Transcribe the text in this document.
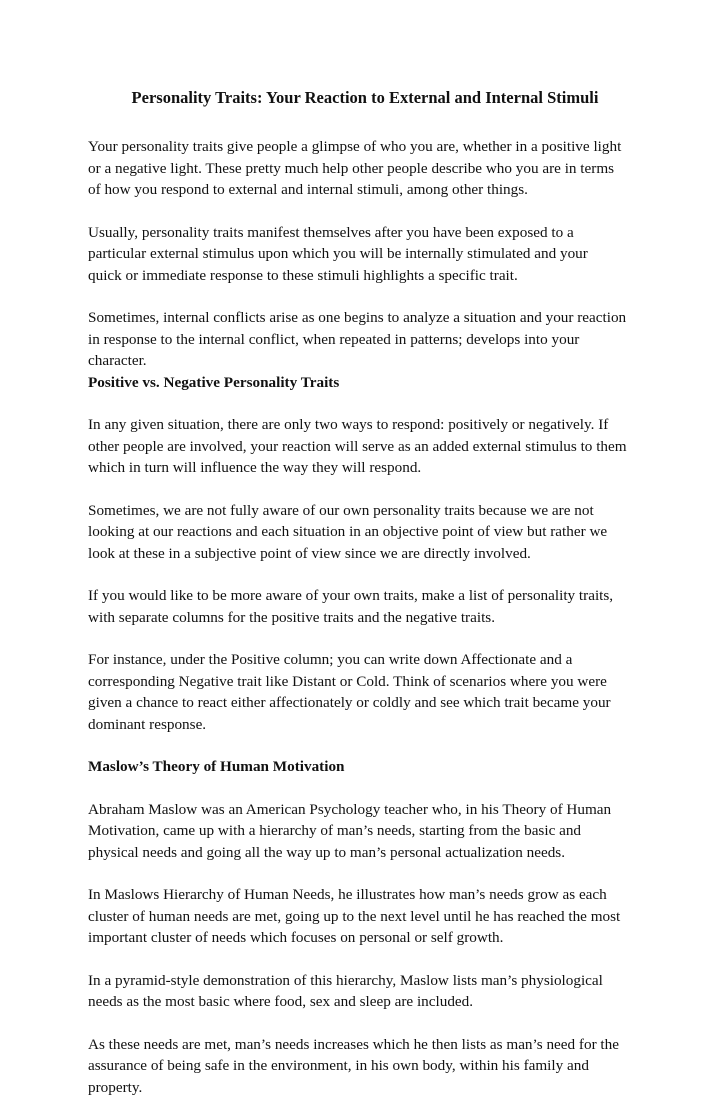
Personality Traits: Your Reaction to External and Internal Stimuli
Your personality traits give people a glimpse of who you are, whether in a positive light
or a negative light. These pretty much help other people describe who you are in terms
of how you respond to external and internal stimuli, among other things.
Usually, personality traits manifest themselves after you have been exposed to a
particular external stimulus upon which you will be internally stimulated and your
quick or immediate response to these stimuli highlights a specific trait.
Sometimes, internal conflicts arise as one begins to analyze a situation and your reaction
in response to the internal conflict, when repeated in patterns; develops into your
character.
Positive vs. Negative Personality Traits
In any given situation, there are only two ways to respond: positively or negatively. If
other people are involved, your reaction will serve as an added external stimulus to them
which in turn will influence the way they will respond.
Sometimes, we are not fully aware of our own personality traits because we are not
looking at our reactions and each situation in an objective point of view but rather we
look at these in a subjective point of view since we are directly involved.
If you would like to be more aware of your own traits, make a list of personality traits,
with separate columns for the positive traits and the negative traits.
For instance, under the Positive column; you can write down Affectionate and a
corresponding Negative trait like Distant or Cold. Think of scenarios where you were
given a chance to react either affectionately or coldly and see which trait became your
dominant response.
Maslow’s Theory of Human Motivation
Abraham Maslow was an American Psychology teacher who, in his Theory of Human
Motivation, came up with a hierarchy of man’s needs, starting from the basic and
physical needs and going all the way up to man’s personal actualization needs.
In Maslows Hierarchy of Human Needs, he illustrates how man’s needs grow as each
cluster of human needs are met, going up to the next level until he has reached the most
important cluster of needs which focuses on personal or self growth.
In a pyramid-style demonstration of this hierarchy, Maslow lists man’s physiological
needs as the most basic where food, sex and sleep are included.
As these needs are met, man’s needs increases which he then lists as man’s need for the
assurance of being safe in the environment, in his own body, within his family and
property.
